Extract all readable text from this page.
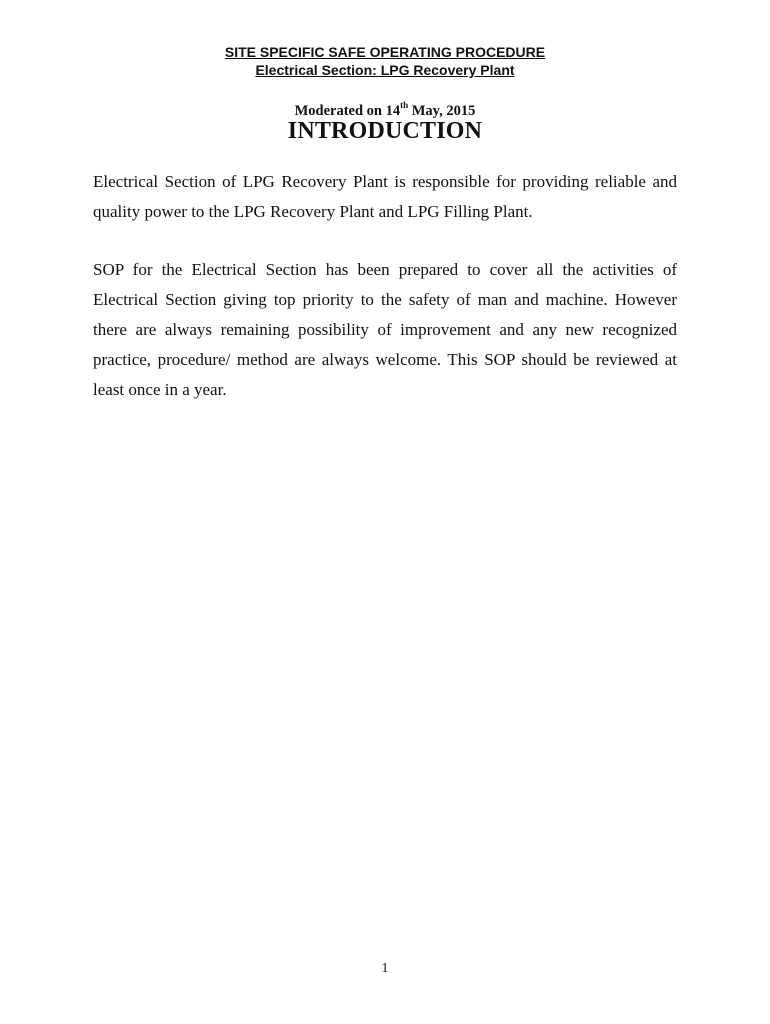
SITE SPECIFIC SAFE OPERATING PROCEDURE
Electrical Section: LPG Recovery Plant
Moderated on 14th May, 2015
INTRODUCTION
Electrical Section of LPG Recovery Plant is responsible for providing reliable and quality power to the LPG Recovery Plant and LPG Filling Plant.
SOP for the Electrical Section has been prepared to cover all the activities of Electrical Section giving top priority to the safety of man and machine. However there are always remaining possibility of improvement and any new recognized practice, procedure/ method are always welcome. This SOP should be reviewed at least once in a year.
1
